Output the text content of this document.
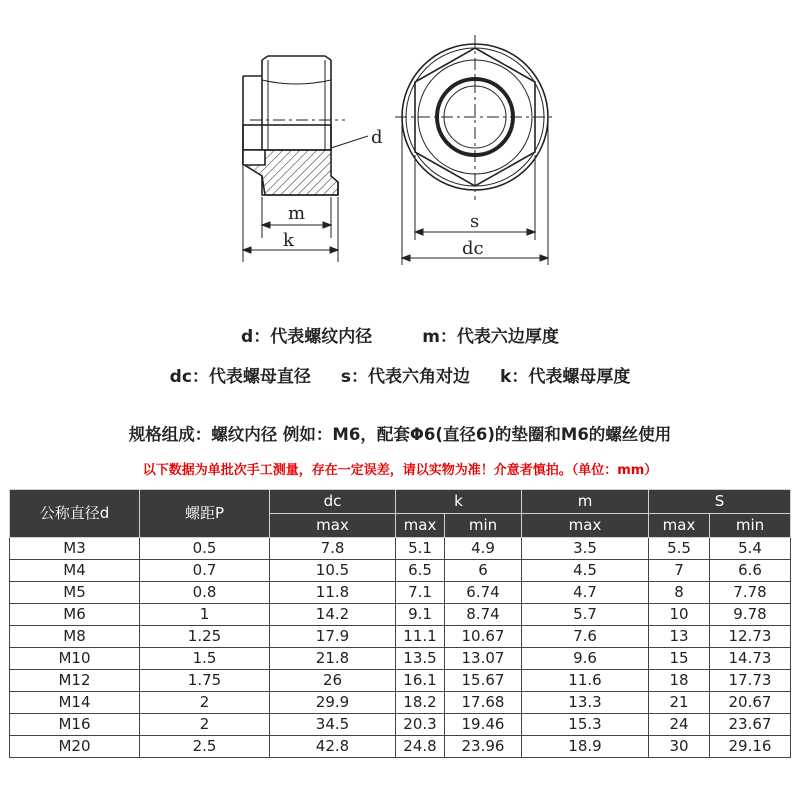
d
m
k
s
dc
d：代表螺纹内径	m：代表六边厚度
dc：代表螺母直径 s：代表六角对边 k：代表螺母厚度
规格组成：螺纹内径 例如：M6，配套Φ6(直径6)的垫圈和M6的螺丝使用
以下数据为单批次手工测量，存在一定误差，请以实物为准！介意者慎拍。（单位：mm）
公称直径d	螺距P	dc	k		m	S	
		max	max	min	max	max	min
M3	0.5	7.8	5.1	4.9	3.5	5.5	5.4
M4	0.7	10.5	6.5	6	4.5	7	6.6
M5	0.8	11.8	7.1	6.74	4.7	8	7.78
M6	1	14.2	9.1	8.74	5.7	10	9.78
M8	1.25	17.9	11.1	10.67	7.6	13	12.73
M10	1.5	21.8	13.5	13.07	9.6	15	14.73
M12	1.75	26	16.1	15.67	11.6	18	17.73
M14	2	29.9	18.2	17.68	13.3	21	20.67
M16	2	34.5	20.3	19.46	15.3	24	23.67
M20	2.5	42.8	24.8	23.96	18.9	30	29.16
